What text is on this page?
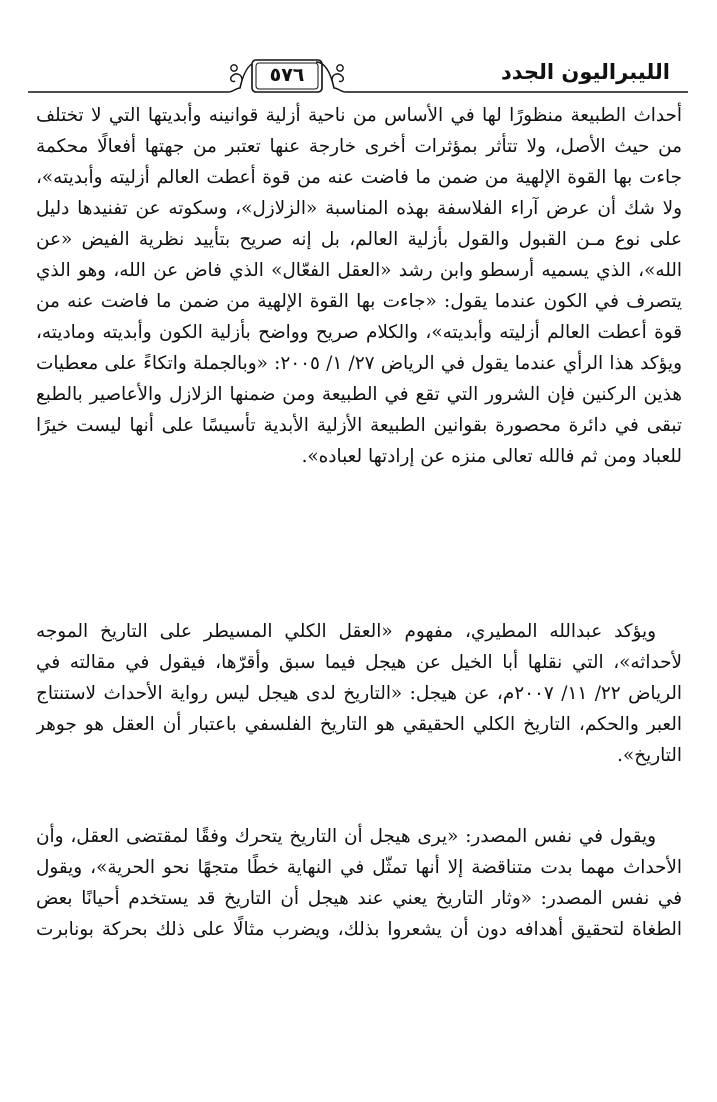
٥٧٦	الليبراليون الجدد

أحداث الطبيعة منظورًا لها في الأساس من ناحية أزلية قوانينه وأبديتها التي لا تختلف من حيث الأصل، ولا تتأثر بمؤثرات أخرى خارجة عنها تعتبر من جهتها أفعالًا محكمة جاءت بها القوة الإلهية من ضمن ما فاضت عنه من قوة أعطت العالم أزليته وأبديته»، ولا شك أن عرض آراء الفلاسفة بهذه المناسبة «الزلازل»، وسكوته عن تفنيدها دليل على نوع مـن القبول والقول بأزلية العالم، بل إنه صريح بتأييد نظرية الفيض «عن الله»، الذي يسميه أرسطو وابن رشد «العقل الفعّال» الذي فاض عن الله، وهو الذي يتصرف في الكون عندما يقول: «جاءت بها القوة الإلهية من ضمن ما فاضت عنه من قوة أعطت العالم أزليته وأبديته»، والكلام صريح وواضح بأزلية الكون وأبديته وماديته، ويؤكد هذا الرأي عندما يقول في الرياض ٢٧/ ١/ ٢٠٠٥: «وبالجملة واتكاءً على معطيات هذين الركنين فإن الشرور التي تقع في الطبيعة ومن ضمنها الزلازل والأعاصير بالطبع تبقى في دائرة محصورة بقوانين الطبيعة الأزلية الأبدية تأسيسًا على أنها ليست خيرًا للعباد ومن ثم فالله تعالى منزه عن إرادتها لعباده».

ويؤكد عبدالله المطيري، مفهوم «العقل الكلي المسيطر على التاريخ الموجه لأحداثه»، التي نقلها أبا الخيل عن هيجل فيما سبق وأقرّها، فيقول في مقالته في الرياض ٢٢/ ١١/ ٢٠٠٧م، عن هيجل: «التاريخ لدى هيجل ليس رواية الأحداث لاستنتاج العبر والحكم، التاريخ الكلي الحقيقي هو التاريخ الفلسفي باعتبار أن العقل هو جوهر التاريخ».

ويقول في نفس المصدر: «يرى هيجل أن التاريخ يتحرك وفقًا لمقتضى العقل، وأن الأحداث مهما بدت متناقضة إلا أنها تمثّل في النهاية خطًا متجهًا نحو الحرية»، ويقول في نفس المصدر: «وثار التاريخ يعني عند هيجل أن التاريخ قد يستخدم أحيانًا بعض الطغاة لتحقيق أهدافه دون أن يشعروا بذلك، ويضرب مثالًا على ذلك بحركة بونابرت
